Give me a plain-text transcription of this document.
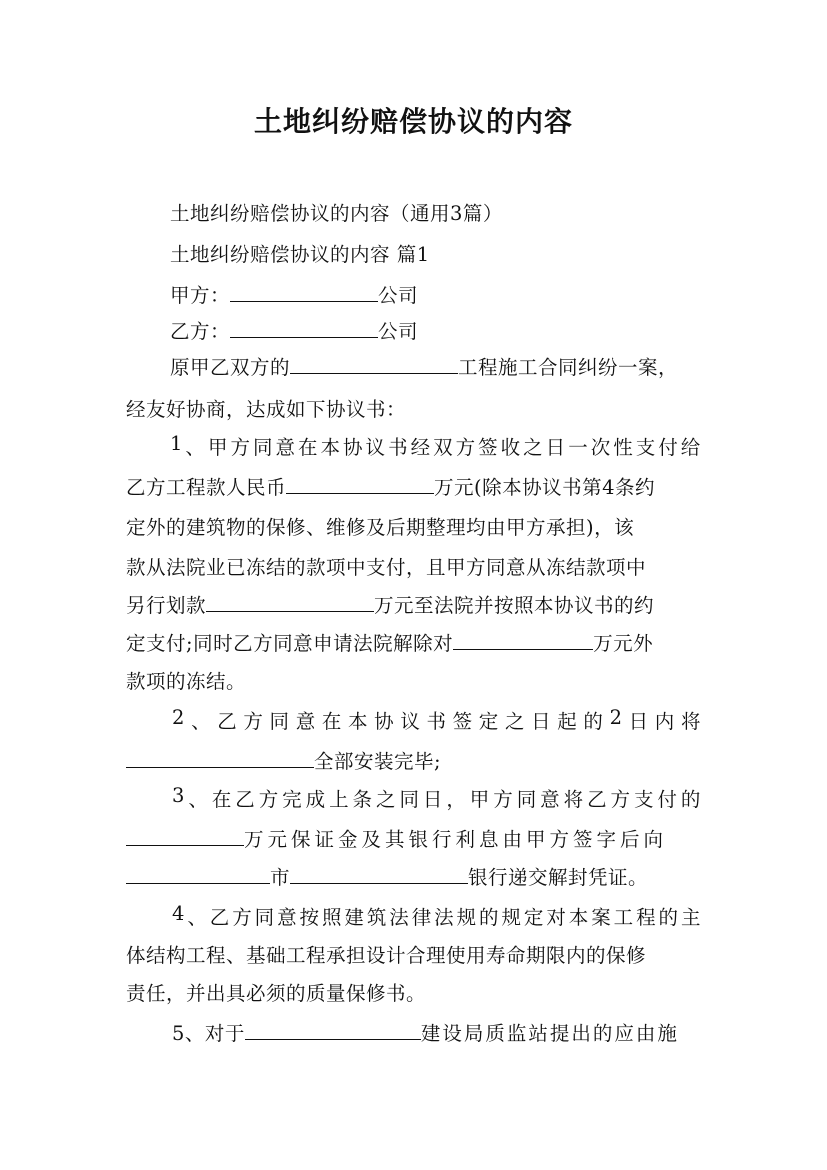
土地纠纷赔偿协议的内容
土地纠纷赔偿协议的内容（通用3篇）
土地纠纷赔偿协议的内容 篇1
甲方：	公司
乙方：	公司
原甲乙双方的	工程施工合同纠纷一案，
经友好协商，达成如下协议书：
1 、 甲 方 同 意 在 本 协 议 书 经 双 方 签 收 之 日 一 次 性 支 付 给
乙方工程款人民币	万元(除本协议书第4条约
定外的建筑物的保修、维修及后期整理均由甲方承担)，该
款从法院业已冻结的款项中支付，且甲方同意从冻结款项中
另行划款	万元至法院并按照本协议书的约
定支付;同时乙方同意申请法院解除对	万元外
款项的冻结。
2 、 乙 方 同 意 在 本 协 议 书 签 定 之 日 起 的 2 日 内 将
全部安装完毕;
3 、 在 乙 方 完 成 上 条 之 同 日 ， 甲 方 同 意 将 乙 方 支 付 的
万元保证金及其银行利息由甲方签字后向
市	银行递交解封凭证。
4 、 乙 方 同 意 按 照 建 筑 法 律 法 规 的 规 定 对 本 案 工 程 的 主
体结构工程、基础工程承担设计合理使用寿命期限内的保修
责任，并出具必须的质量保修书。
5、对于	建设局质监站提出的应由施
